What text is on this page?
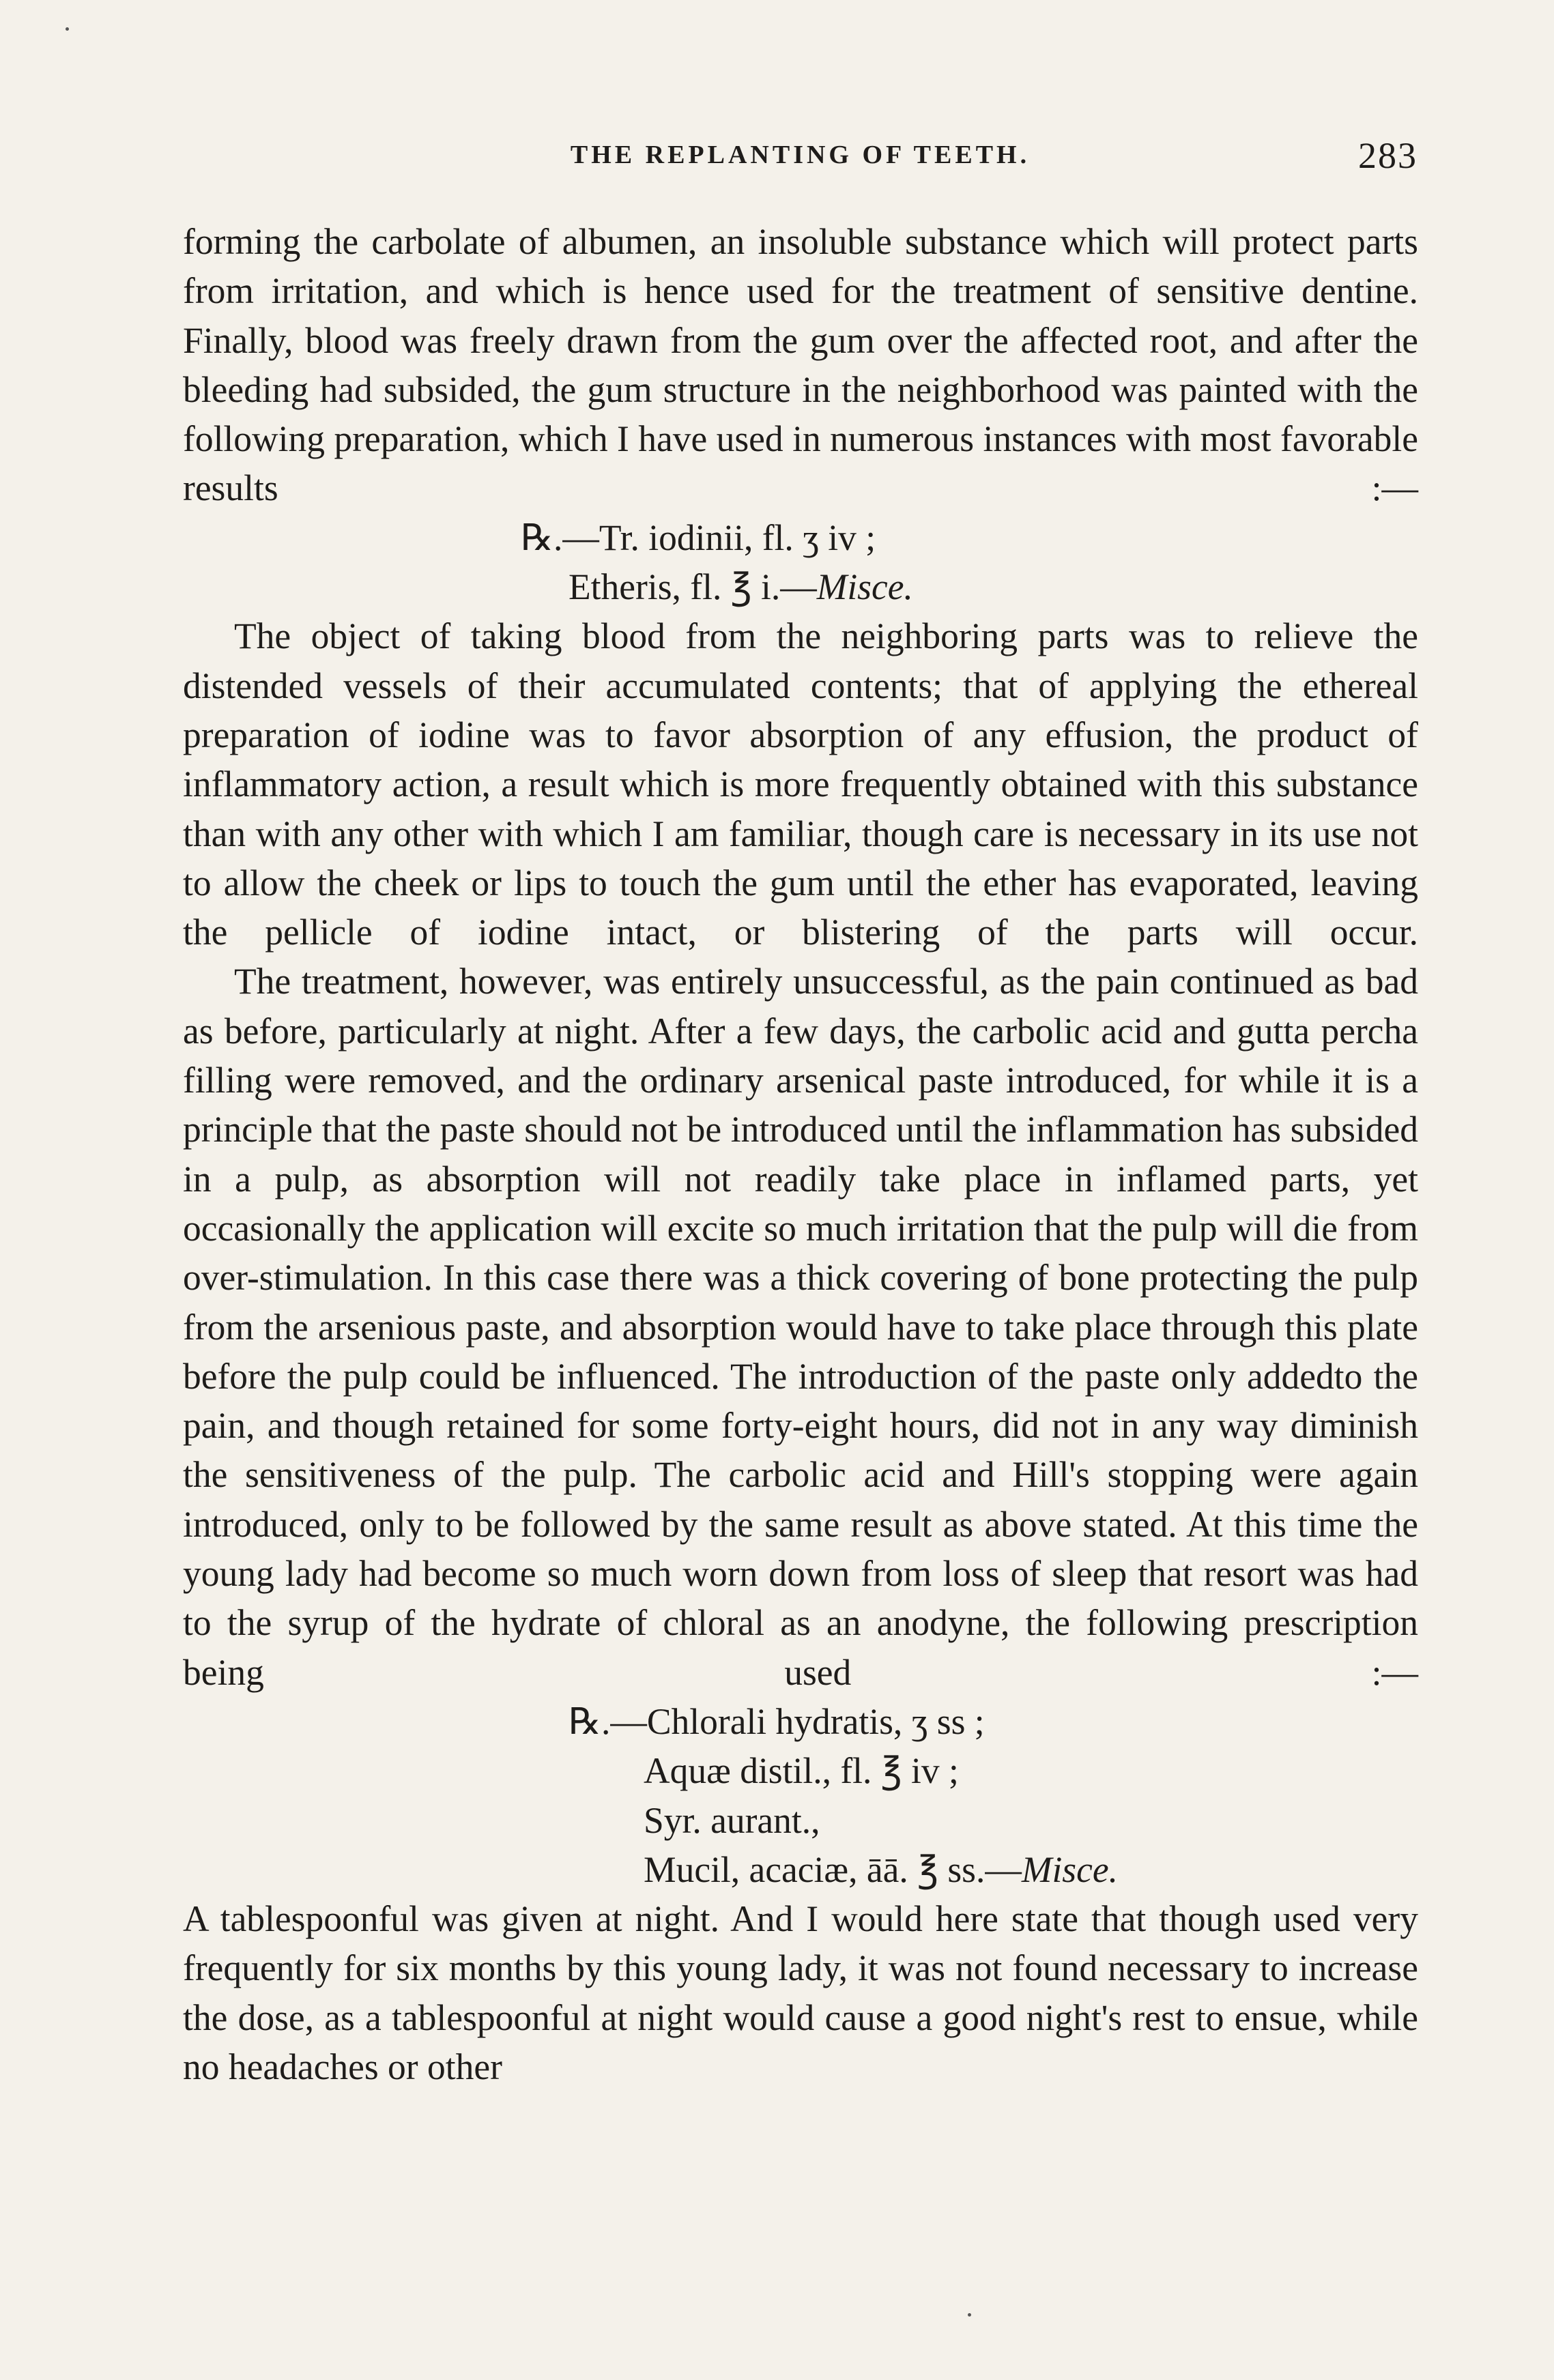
THE REPLANTING OF TEETH.	283

forming the carbolate of albumen, an insoluble substance which will protect parts from irritation, and which is hence used for the treatment of sensitive dentine. Finally, blood was freely drawn from the gum over the affected root, and after the bleeding had subsided, the gum structure in the neighborhood was painted with the following preparation, which I have used in numerous instances with most favorable results :—

℞.—Tr. iodinii, fl. ʒ iv ;

Etheris, fl. ℥ i.—Misce.

The object of taking blood from the neighboring parts was to relieve the distended vessels of their accumulated contents; that of applying the ethereal preparation of iodine was to favor absorption of any effusion, the product of inflammatory action, a result which is more frequently obtained with this substance than with any other with which I am familiar, though care is necessary in its use not to allow the cheek or lips to touch the gum until the ether has evaporated, leaving the pellicle of iodine intact, or blistering of the parts will occur.

The treatment, however, was entirely unsuccessful, as the pain continued as bad as before, particularly at night. After a few days, the carbolic acid and gutta percha filling were removed, and the ordinary arsenical paste introduced, for while it is a principle that the paste should not be introduced until the inflammation has subsided in a pulp, as absorption will not readily take place in inflamed parts, yet occasionally the application will excite so much irritation that the pulp will die from over-stimulation. In this case there was a thick covering of bone protecting the pulp from the arsenious paste, and absorption would have to take place through this plate before the pulp could be influenced. The introduction of the paste only addedto the pain, and though retained for some forty-eight hours, did not in any way diminish the sensitiveness of the pulp. The carbolic acid and Hill's stopping were again introduced, only to be followed by the same result as above stated. At this time the young lady had become so much worn down from loss of sleep that resort was had to the syrup of the hydrate of chloral as an anodyne, the following prescription being used :—

℞.—Chlorali hydratis, ʒ ss ;

Aquæ distil., fl. ℥ iv ;

Syr. aurant.,

Mucil, acaciæ, āā. ℥ ss.—Misce.

A tablespoonful was given at night. And I would here state that though used very frequently for six months by this young lady, it was not found necessary to increase the dose, as a tablespoonful at night would cause a good night's rest to ensue, while no headaches or other
